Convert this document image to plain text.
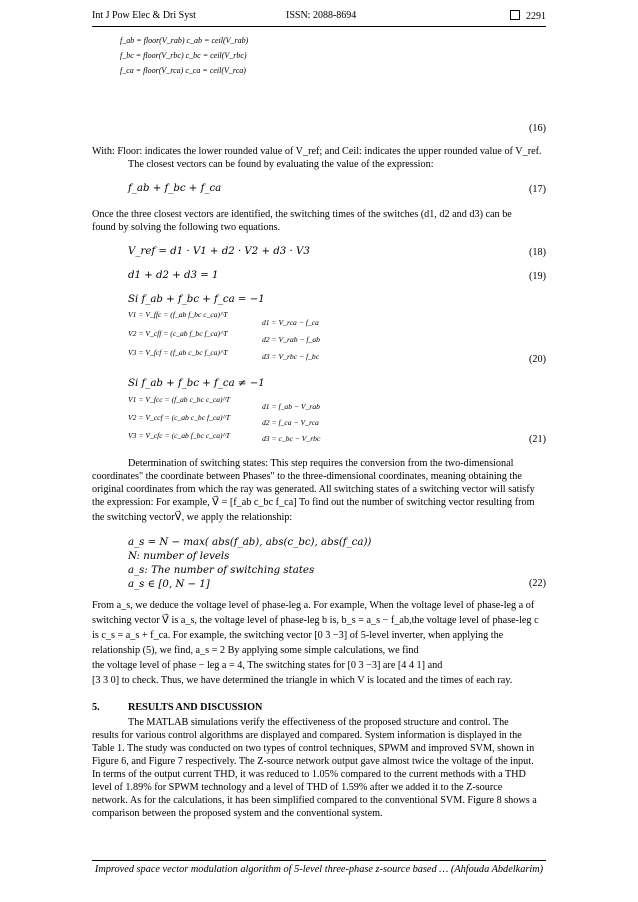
Int J Pow Elec & Dri Syst	ISSN: 2088-8694	2291
f_ab = floor(V_rab) c_ab = ceil(V_rab)
f_bc = floor(V_rbc) c_bc = ceil(V_rbc)
f_ca = floor(V_rca) c_ca = ceil(V_rca)
(16)
With: Floor: indicates the lower rounded value of V_ref; and Ceil: indicates the upper rounded value of V_ref.
The closest vectors can be found by evaluating the value of the expression:
f_ab + f_bc + f_ca	(17)
Once the three closest vectors are identified, the switching times of the switches (d1, d2 and d3) can be
found by solving the following two equations.
V_ref = d1 · V1 + d2 · V2 + d3 · V3	(18)
d1 + d2 + d3 = 1	(19)
Si f_ab + f_bc + f_ca = −1
V1 = V_ffc = (f_ab f_bc c_ca)^T
V2 = V_cff = (c_ab f_bc f_ca)^T
V3 = V_fcf = (f_ab c_bc f_ca)^T
d1 = V_rca − f_ca
d2 = V_rab − f_ab
d3 = V_rbc − f_bc	(20)
Si f_ab + f_bc + f_ca ≠ −1
V1 = V_fcc = (f_ab c_bc c_ca)^T
V2 = V_ccf = (c_ab c_bc f_ca)^T
V3 = V_cfc = (c_ab f_bc c_ca)^T
d1 = f_ab − V_rab
d2 = f_ca − V_rca
d3 = c_bc − V_rbc	(21)
Determination of switching states: This step requires the conversion from the two-dimensional
coordinates" the coordinate between Phases" to the three-dimensional coordinates, meaning obtaining the
original coordinates from which the ray was generated. All switching states of a switching vector will satisfy
the expression: For example, V⃗ = [f_ab c_bc f_ca] To find out the number of switching vector resulting from
the switching vectorV⃗, we apply the relationship:
a_s = N − max( abs(f_ab), abs(c_bc), abs(f_ca))
N: number of levels
a_s: The number of switching states
a_s ∈ [0, N − 1]	(22)
From a_s, we deduce the voltage level of phase-leg a. For example, When the voltage level of phase-leg a of
switching vector V⃗ is a_s, the voltage level of phase-leg b is, b_s = a_s − f_ab,the voltage level of phase-leg c
is c_s = a_s + f_ca. For example, the switching vector [0 3 −3] of 5-level inverter, when applying the
relationship (5), we find, a_s = 2 By applying some simple calculations, we find
the voltage level of phase − leg a = 4, The switching states for [0 3 −3] are [4 4 1] and
[3 3 0] to check. Thus, we have determined the triangle in which V is located and the times of each ray.
5.	RESULTS AND DISCUSSION
The MATLAB simulations verify the effectiveness of the proposed structure and control. The
results for various control algorithms are displayed and compared. System information is displayed in the
Table 1. The study was conducted on two types of control techniques, SPWM and improved SVM, shown in
Figure 6, and Figure 7 respectively. The Z-source network output gave almost twice the voltage of the input.
In terms of the output current THD, it was reduced to 1.05% compared to the current methods with a THD
level of 1.89% for SPWM technology and a level of THD of 1.59% after we added it to the Z-source
network. As for the calculations, it has been simplified compared to the conventional SVM. Figure 8 shows a
comparison between the proposed system and the conventional system.
Improved space vector modulation algorithm of 5-level three-phase z-source based … (Ahfouda Abdelkarim)
